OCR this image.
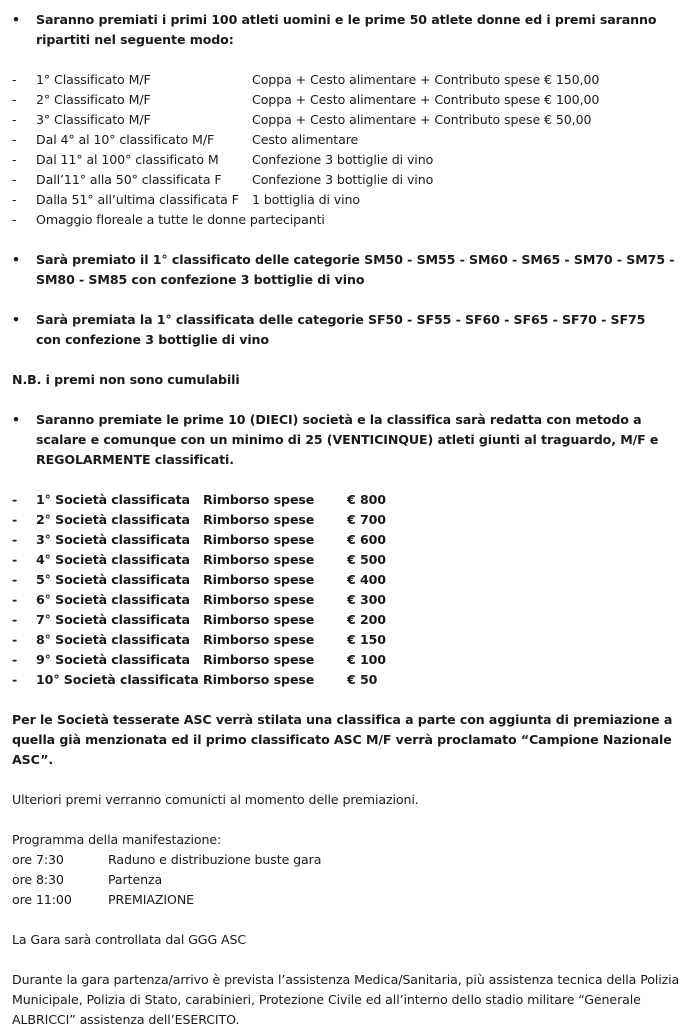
• Saranno premiati i primi 100 atleti uomini e le prime 50 atlete donne ed i premi saranno ripartiti nel seguente modo:
-	1° Classificato M/F	Coppa + Cesto alimentare + Contributo spese € 150,00
-	2° Classificato M/F	Coppa + Cesto alimentare + Contributo spese € 100,00
-	3° Classificato M/F	Coppa + Cesto alimentare + Contributo spese € 50,00
-	Dal 4° al 10° classificato M/F	Cesto alimentare
-	Dal 11° al 100° classificato M	Confezione 3 bottiglie di vino
-	Dall’11° alla 50° classificata F	Confezione 3 bottiglie di vino
-	Dalla 51° all’ultima classificata F	1 bottiglia di vino
-	Omaggio floreale a tutte le donne partecipanti
• Sarà premiato il 1° classificato delle categorie SM50 - SM55 - SM60 - SM65 - SM70 - SM75 - SM80 - SM85 con confezione 3 bottiglie di vino
• Sarà premiata la 1° classificata delle categorie SF50 - SF55 - SF60 - SF65 - SF70 - SF75
con confezione 3 bottiglie di vino
N.B. i premi non sono cumulabili
• Saranno premiate le prime 10 (DIECI) società e la classifica sarà redatta con metodo a scalare e comunque con un minimo di 25 (VENTICINQUE) atleti giunti al traguardo, M/F e REGOLARMENTE classificati.
-	1° Società classificata	Rimborso spese	€ 800
-	2° Società classificata	Rimborso spese	€ 700
-	3° Società classificata	Rimborso spese	€ 600
-	4° Società classificata	Rimborso spese	€ 500
-	5° Società classificata	Rimborso spese	€ 400
-	6° Società classificata	Rimborso spese	€ 300
-	7° Società classificata	Rimborso spese	€ 200
-	8° Società classificata	Rimborso spese	€ 150
-	9° Società classificata	Rimborso spese	€ 100
-	10° Società classificata Rimborso spese	€ 50
Per le Società tesserate ASC verrà stilata una classifica a parte con aggiunta di premiazione a quella già menzionata ed il primo classificato ASC M/F verrà proclamato “Campione Nazionale ASC”.
Ulteriori premi verranno comunicti al momento delle premiazioni.
Programma della manifestazione:
ore 7:30	Raduno e distribuzione buste gara
ore 8:30	Partenza
ore 11:00	PREMIAZIONE
La Gara sarà controllata dal GGG ASC
Durante la gara partenza/arrivo è prevista l’assistenza Medica/Sanitaria, più assistenza tecnica della Polizia Municipale, Polizia di Stato, carabinieri, Protezione Civile ed all’interno dello stadio militare “Generale ALBRICCI” assistenza dell’ESERCITO.
